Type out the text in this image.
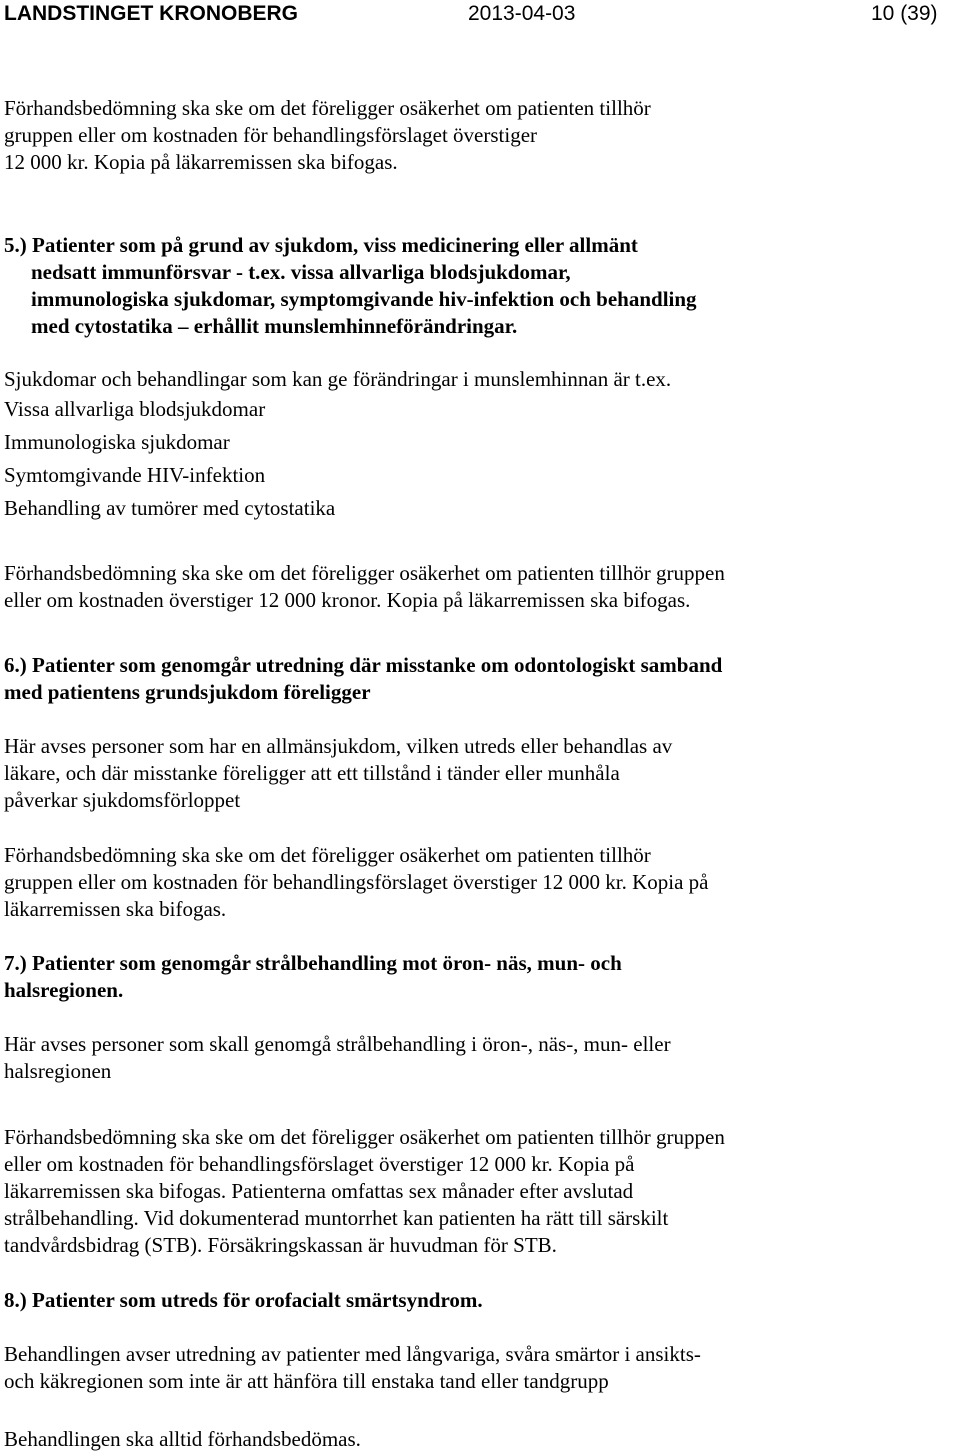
LANDSTINGET KRONOBERG	2013-04-03	10 (39)
Förhandsbedömning ska ske om det föreligger osäkerhet om patienten tillhör
gruppen eller om kostnaden för behandlingsförslaget överstiger
12 000 kr. Kopia på läkarremissen ska bifogas.
5.) Patienter som på grund av sjukdom, viss medicinering eller allmänt
nedsatt immunförsvar - t.ex. vissa allvarliga blodsjukdomar,
immunologiska sjukdomar, symptomgivande hiv-infektion och behandling
med cytostatika – erhållit munslemhinneförändringar.
Sjukdomar och behandlingar som kan ge förändringar i munslemhinnan är t.ex.
Vissa allvarliga blodsjukdomar
Immunologiska sjukdomar
Symtomgivande HIV-infektion
Behandling av tumörer med cytostatika
Förhandsbedömning ska ske om det föreligger osäkerhet om patienten tillhör gruppen
eller om kostnaden överstiger 12 000 kronor. Kopia på läkarremissen ska bifogas.
6.) Patienter som genomgår utredning där misstanke om odontologiskt samband
med patientens grundsjukdom föreligger
Här avses personer som har en allmänsjukdom, vilken utreds eller behandlas av
läkare, och där misstanke föreligger att ett tillstånd i tänder eller munhåla
påverkar sjukdomsförloppet
Förhandsbedömning ska ske om det föreligger osäkerhet om patienten tillhör
gruppen eller om kostnaden för behandlingsförslaget överstiger 12 000 kr. Kopia på
läkarremissen ska bifogas.
7.) Patienter som genomgår strålbehandling mot öron- näs, mun- och
halsregionen.
Här avses personer som skall genomgå strålbehandling i öron-, näs-, mun- eller
halsregionen
Förhandsbedömning ska ske om det föreligger osäkerhet om patienten tillhör gruppen
eller om kostnaden för behandlingsförslaget överstiger 12 000 kr. Kopia på
läkarremissen ska bifogas. Patienterna omfattas sex månader efter avslutad
strålbehandling. Vid dokumenterad muntorrhet kan patienten ha rätt till särskilt
tandvårdsbidrag (STB). Försäkringskassan är huvudman för STB.
8.) Patienter som utreds för orofacialt smärtsyndrom.
Behandlingen avser utredning av patienter med långvariga, svåra smärtor i ansikts-
och käkregionen som inte är att hänföra till enstaka tand eller tandgrupp
Behandlingen ska alltid förhandsbedömas.
